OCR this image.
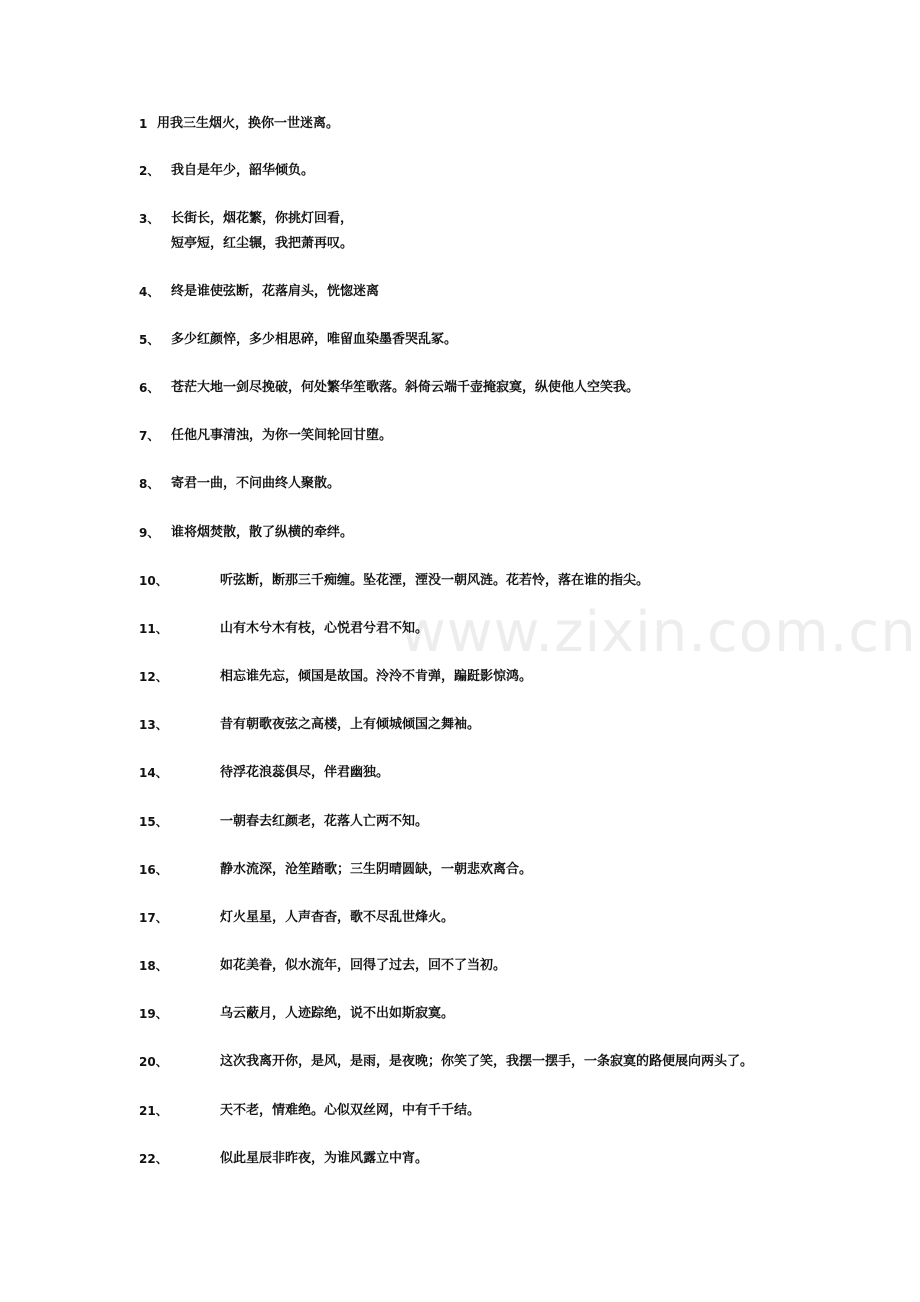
www.zixin.com.cn
1 用我三生烟火，换你一世迷离。
2、 我自是年少，韶华倾负。
3、 长街长，烟花繁，你挑灯回看，
短亭短，红尘辗，我把萧再叹。
4、 终是谁使弦断，花落肩头，恍惚迷离
5、 多少红颜悴，多少相思碎，唯留血染墨香哭乱冢。
6、 苍茫大地一剑尽挽破，何处繁华笙歌落。斜倚云端千壶掩寂寞，纵使他人空笑我。
7、 任他凡事清浊，为你一笑间轮回甘堕。
8、 寄君一曲，不问曲终人聚散。
9、 谁将烟焚散，散了纵横的牵绊。
10、	听弦断，断那三千痴缠。坠花湮，湮没一朝风涟。花若怜，落在谁的指尖。
11、	山有木兮木有枝，心悦君兮君不知。
12、	相忘谁先忘，倾国是故国。泠泠不肯弹，蹁跹影惊鸿。
13、	昔有朝歌夜弦之高楼，上有倾城倾国之舞袖。
14、	待浮花浪蕊俱尽，伴君幽独。
15、	一朝春去红颜老，花落人亡两不知。
16、	静水流深，沧笙踏歌；三生阴晴圆缺，一朝悲欢离合。
17、	灯火星星，人声杳杳，歌不尽乱世烽火。
18、	如花美眷，似水流年，回得了过去，回不了当初。
19、	乌云蔽月，人迹踪绝，说不出如斯寂寞。
20、	这次我离开你，是风，是雨，是夜晚；你笑了笑，我摆一摆手，一条寂寞的路便展向两头了。
21、	天不老，情难绝。心似双丝网，中有千千结。
22、	似此星辰非昨夜，为谁风露立中宵。
